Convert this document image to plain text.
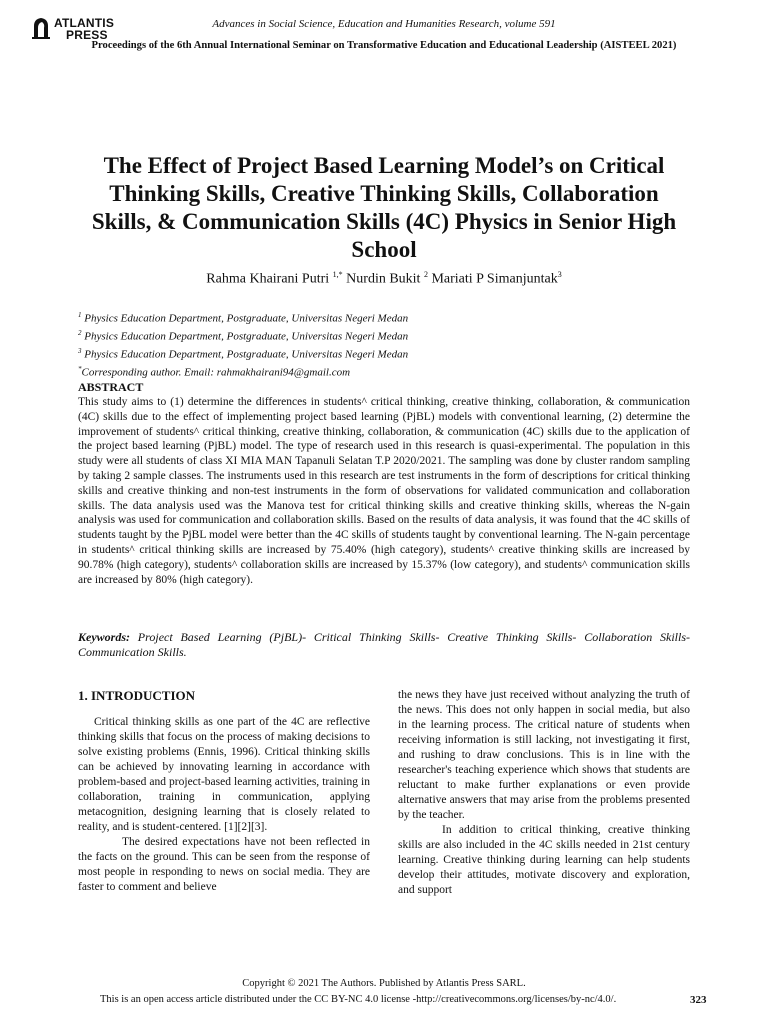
ATLANTIS
PRESS
Advances in Social Science, Education and Humanities Research, volume 591
Proceedings of the 6th Annual International Seminar on Transformative Education and Educational Leadership (AISTEEL 2021)
The Effect of Project Based Learning Model’s on Critical Thinking Skills, Creative Thinking Skills, Collaboration Skills, & Communication Skills (4C) Physics in Senior High School
Rahma Khairani Putri $^{1,*}$ Nurdin Bukit $^2$ Mariati P Simanjuntak$^3$
$^1$ Physics Education Department, Postgraduate, Universitas Negeri Medan
$^2$ Physics Education Department, Postgraduate, Universitas Negeri Medan
$^3$ Physics Education Department, Postgraduate, Universitas Negeri Medan
*Corresponding author. Email: rahmakhairani94@gmail.com
ABSTRACT
This study aims to (1) determine the differences in students^ critical thinking, creative thinking, collaboration, & communication (4C) skills due to the effect of implementing project based learning (PjBL) models with conventional learning, (2) determine the improvement of students^ critical thinking, creative thinking, collaboration, & communication (4C) skills due to the application of the project based learning (PjBL) model. The type of research used in this research is quasi-experimental. The population in this study were all students of class XI MIA MAN Tapanuli Selatan T.P 2020/2021. The sampling was done by cluster random sampling by taking 2 sample classes. The instruments used in this research are test instruments in the form of descriptions for critical thinking skills and creative thinking and non-test instruments in the form of observations for validated communication and collaboration skills. The data analysis used was the Manova test for critical thinking skills and creative thinking skills, whereas the N-gain analysis was used for communication and collaboration skills. Based on the results of data analysis, it was found that the 4C skills of students taught by the PjBL model were better than the 4C skills of students taught by conventional learning. The N-gain percentage in students^ critical thinking skills are increased by 75.40% (high category), students^ creative thinking skills are increased by 90.78% (high category), students^ collaboration skills are increased by 15.37% (low category), and students^ communication skills are increased by 80% (high category).
Keywords: Project Based Learning (PjBL)- Critical Thinking Skills- Creative Thinking Skills- Collaboration Skills- Communication Skills.
1. INTRODUCTION

Critical thinking skills as one part of the 4C are reflective thinking skills that focus on the process of making decisions to solve existing problems (Ennis, 1996). Critical thinking skills can be achieved by innovating learning in accordance with problem-based and project-based learning activities, training in collaboration, training in communication, applying metacognition, designing learning that is closely related to reality, and is student-centered. [1][2][3].

The desired expectations have not been reflected in the facts on the ground. This can be seen from the response of most people in responding to news on social media. They are faster to comment and believe

the news they have just received without analyzing the truth of the news. This does not only happen in social media, but also in the learning process. The critical nature of students when receiving information is still lacking, not investigating it first, and rushing to draw conclusions. This is in line with the researcher's teaching experience which shows that students are reluctant to make further explanations or even provide alternative answers that may arise from the problems presented by the teacher.

In addition to critical thinking, creative thinking skills are also included in the 4C skills needed in 21st century learning. Creative thinking during learning can help students develop their attitudes, motivate discovery and exploration, and support

Copyright © 2021 The Authors. Published by Atlantis Press SARL.
This is an open access article distributed under the CC BY-NC 4.0 license -http://creativecommons.org/licenses/by-nc/4.0/.	323
